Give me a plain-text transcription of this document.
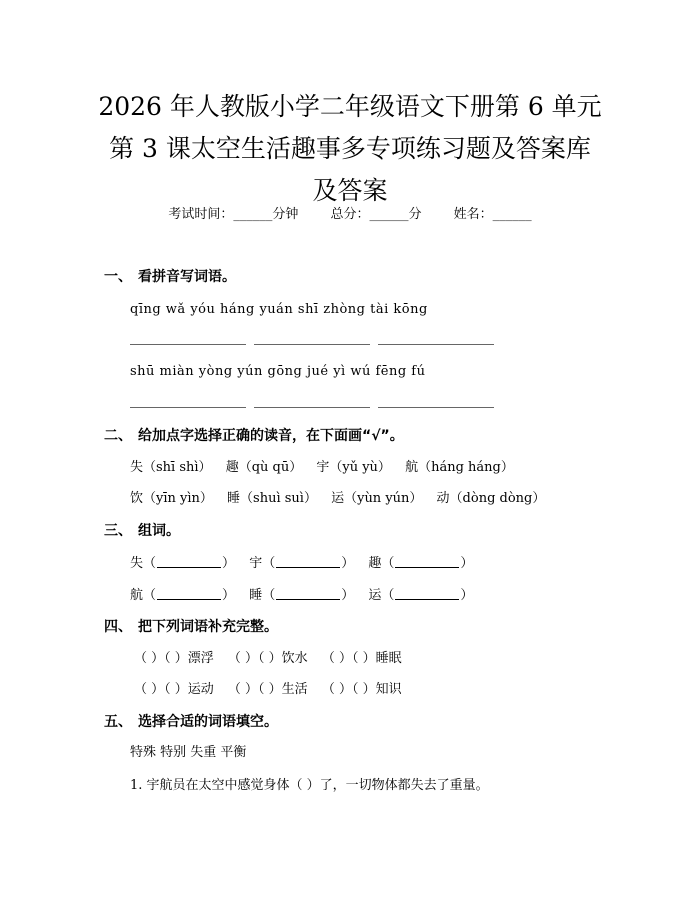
2026 年人教版小学二年级语文下册第 6 单元
第 3 课太空生活趣事多专项练习题及答案库
及答案
考试时间：______分钟 总分：______分 姓名：______
一、 看拼音写词语。
qīng wǎ yóu háng yuán shī zhòng tài kōng
shū miàn yòng yún gōng jué yì wú fēng fú
二、 给加点字选择正确的读音，在下面画“√”。
失（shī shì） 趣（qù qū） 宇（yǔ yù） 航（háng háng）
饮（yīn yìn） 睡（shuì suì） 运（yùn yún） 动（dòng dòng）
三、 组词。
失（	） 宇（	） 趣（	）
航（	） 睡（	） 运（	）
四、 把下列词语补充完整。
（ ）（ ）漂浮 （ ）（ ）饮水 （ ）（ ）睡眠
（ ）（ ）运动 （ ）（ ）生活 （ ）（ ）知识
五、 选择合适的词语填空。
特殊 特别 失重 平衡
1. 宇航员在太空中感觉身体（ ）了，一切物体都失去了重量。
